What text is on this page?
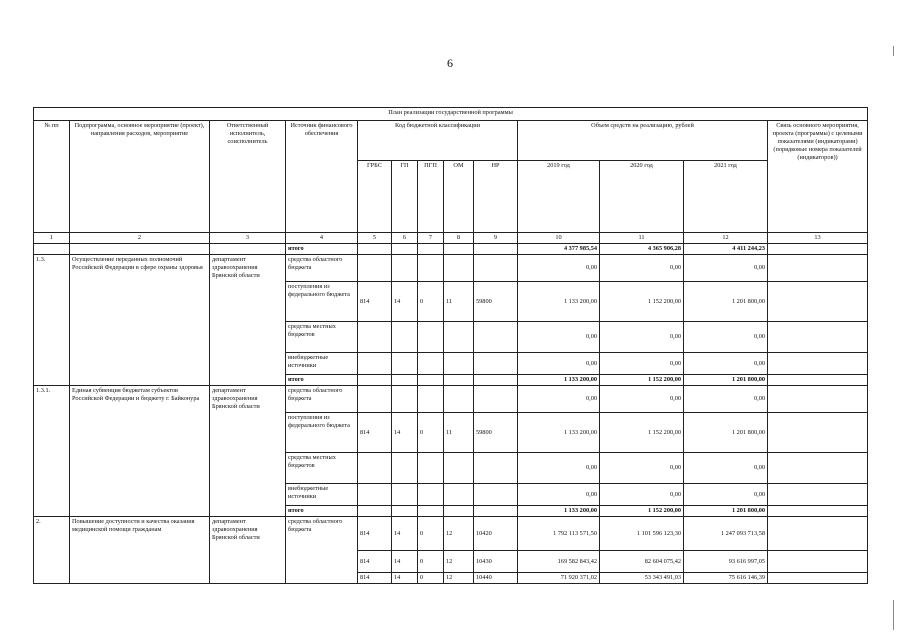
6
План реализации государственной программы												
№ пп	Подпрограмма, основное мероприятие (проект), направления расходов, мероприятие	Ответственный исполнитель, соисполнитель	Источник финансового обеспечения	Код бюджетной классификации					Объем средств на реализацию, рублей			Связь основного мероприятия, проекта (программы) с целевыми показателями (индикаторами) (порядковые номера показателей (индикаторов))
				ГРБС	ГП	ПГП	ОМ	НР	2019 год	2020 год	2021 год	
1	2	3	4	5	6	7	8	9	10	11	12	13
			итого						4 377 985,54	4 365 906,28	4 411 244,23	
1.3.	Осуществление переданных полномочий Российской Федерации в сфере охраны здоровья	департамент здравоохранения Брянской области	средства областного бюджета						0,00	0,00	0,00	
			поступления из федерального бюджета	814	14	0	11	59800	1 133 200,00	1 152 200,00	1 201 800,00	
			средства местных бюджетов						0,00	0,00	0,00	
			внебюджетные источники						0,00	0,00	0,00	
			итого						1 133 200,00	1 152 200,00	1 201 800,00	
1.3.1.	Единая субвенция бюджетам субъектов Российской Федерации и бюджету г. Байконура	департамент здравоохранения Брянской области	средства областного бюджета						0,00	0,00	0,00	
			поступления из федерального бюджета	814	14	0	11	59800	1 133 200,00	1 152 200,00	1 201 800,00	
			средства местных бюджетов						0,00	0,00	0,00	
			внебюджетные источники						0,00	0,00	0,00	
			итого						1 133 200,00	1 152 200,00	1 201 800,00	
2.	Повышение доступности и качества оказания медицинской помощи гражданам	департамент здравоохранения Брянской области	средства областного бюджета	814	14	0	12	10420	1 792 113 571,50	1 101 596 123,30	1 247 093 713,58	
				814	14	0	12	10430	169 582 843,42	82 604 075,42	93 616 997,05	
				814	14	0	12	10440	71 920 371,02	53 343 491,03	75 616 146,39	
